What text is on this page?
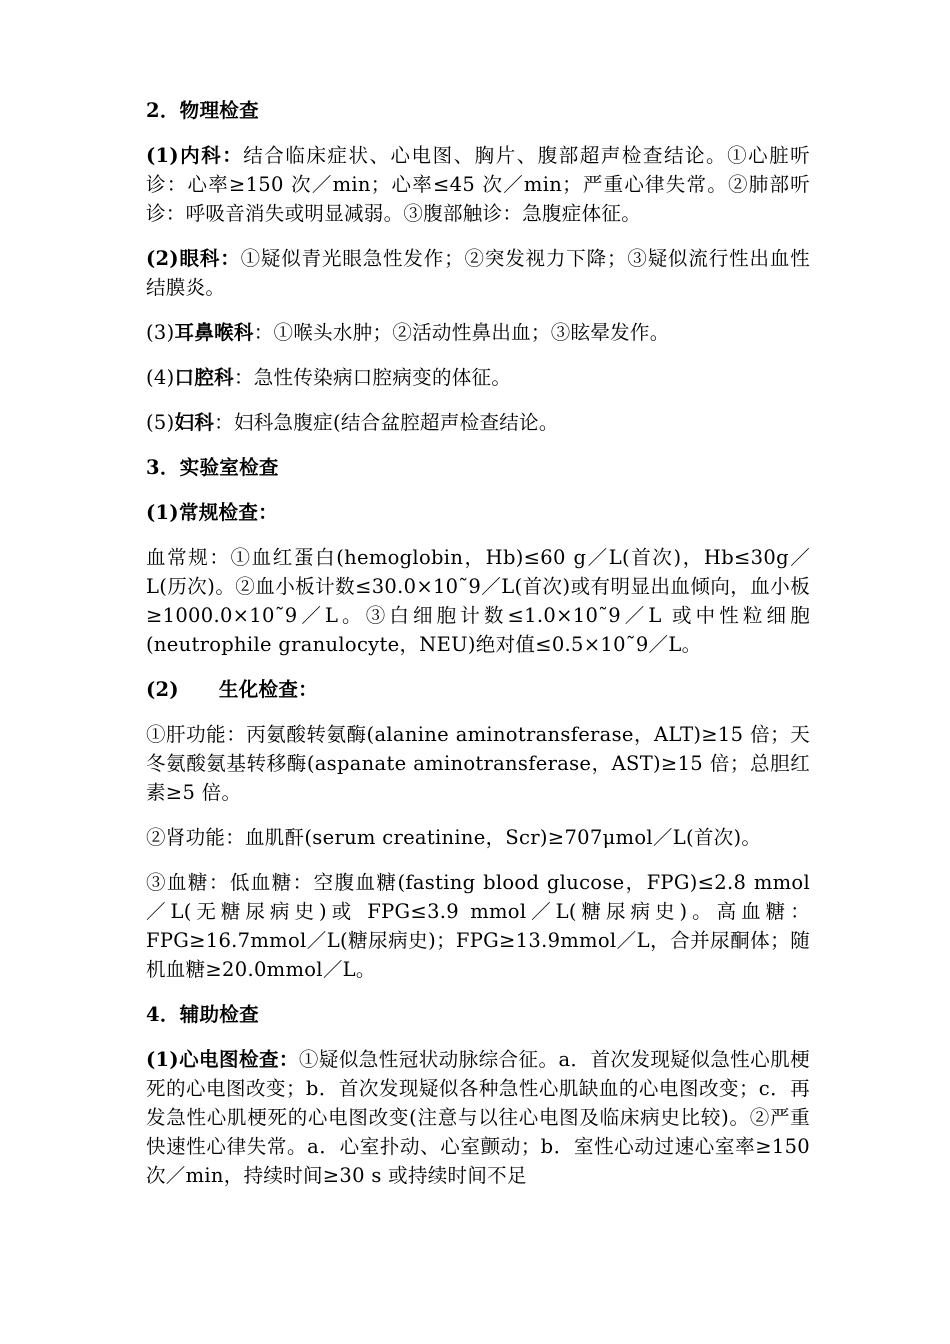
2．物理检查
(1)内科：结合临床症状、心电图、胸片、腹部超声检查结论。①心脏听诊：心率≥150 次／min；心率≤45 次／min；严重心律失常。②肺部听诊：呼吸音消失或明显减弱。③腹部触诊：急腹症体征。
(2)眼科：①疑似青光眼急性发作；②突发视力下降；③疑似流行性出血性结膜炎。
(3)耳鼻喉科：①喉头水肿；②活动性鼻出血；③眩晕发作。
(4)口腔科：急性传染病口腔病变的体征。
(5)妇科：妇科急腹症(结合盆腔超声检查结论。
3．实验室检查
(1)常规检查：
血常规：①血红蛋白(hemoglobin，Hb)≤60 g／L(首次)，Hb≤30g／L(历次)。②血小板计数≤30.0×10˜9／L(首次)或有明显出血倾向，血小板≥1000.0×10˜9／L。③白细胞计数≤1.0×10˜9／L 或中性粒细胞(neutrophile granulocyte，NEU)绝对值≤0.5×10˜9／L。
(2) 生化检查：
①肝功能：丙氨酸转氨酶(alanine aminotransferase，ALT)≥15 倍；天冬氨酸氨基转移酶(aspanate aminotransferase，AST)≥15 倍；总胆红素≥5 倍。
②肾功能：血肌酐(serum creatinine，Scr)≥707μmol／L(首次)。
③血糖：低血糖：空腹血糖(fasting blood glucose，FPG)≤2.8 mmol／L(无糖尿病史)或 FPG≤3.9 mmol／L(糖尿病史)。高血糖：FPG≥16.7mmol／L(糖尿病史)；FPG≥13.9mmol／L，合并尿酮体；随机血糖≥20.0mmol／L。
4．辅助检查
(1)心电图检查：①疑似急性冠状动脉综合征。a．首次发现疑似急性心肌梗死的心电图改变；b．首次发现疑似各种急性心肌缺血的心电图改变；c．再发急性心肌梗死的心电图改变(注意与以往心电图及临床病史比较)。②严重快速性心律失常。a．心室扑动、心室颤动；b．室性心动过速心室率≥150 次／min，持续时间≥30 s 或持续时间不足
